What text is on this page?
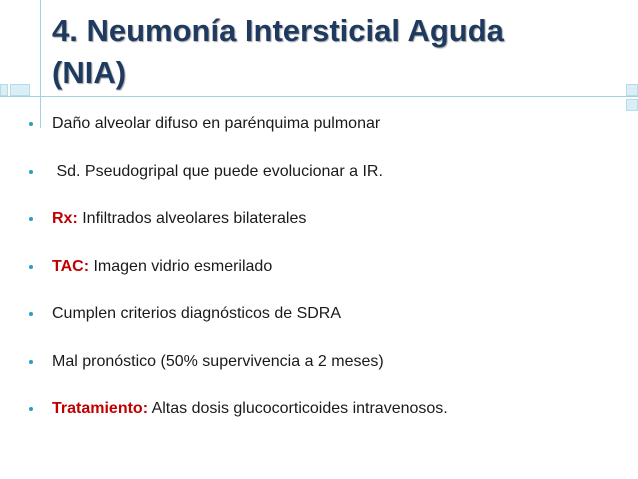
4. Neumonía Intersticial Aguda
(NIA)
Daño alveolar difuso en parénquima pulmonar
Sd. Pseudogripal que puede evolucionar a IR.
Rx: Infiltrados alveolares bilaterales
TAC: Imagen vidrio esmerilado
Cumplen criterios diagnósticos de SDRA
Mal pronóstico (50% supervivencia a 2 meses)
Tratamiento: Altas dosis glucocorticoides intravenosos.
